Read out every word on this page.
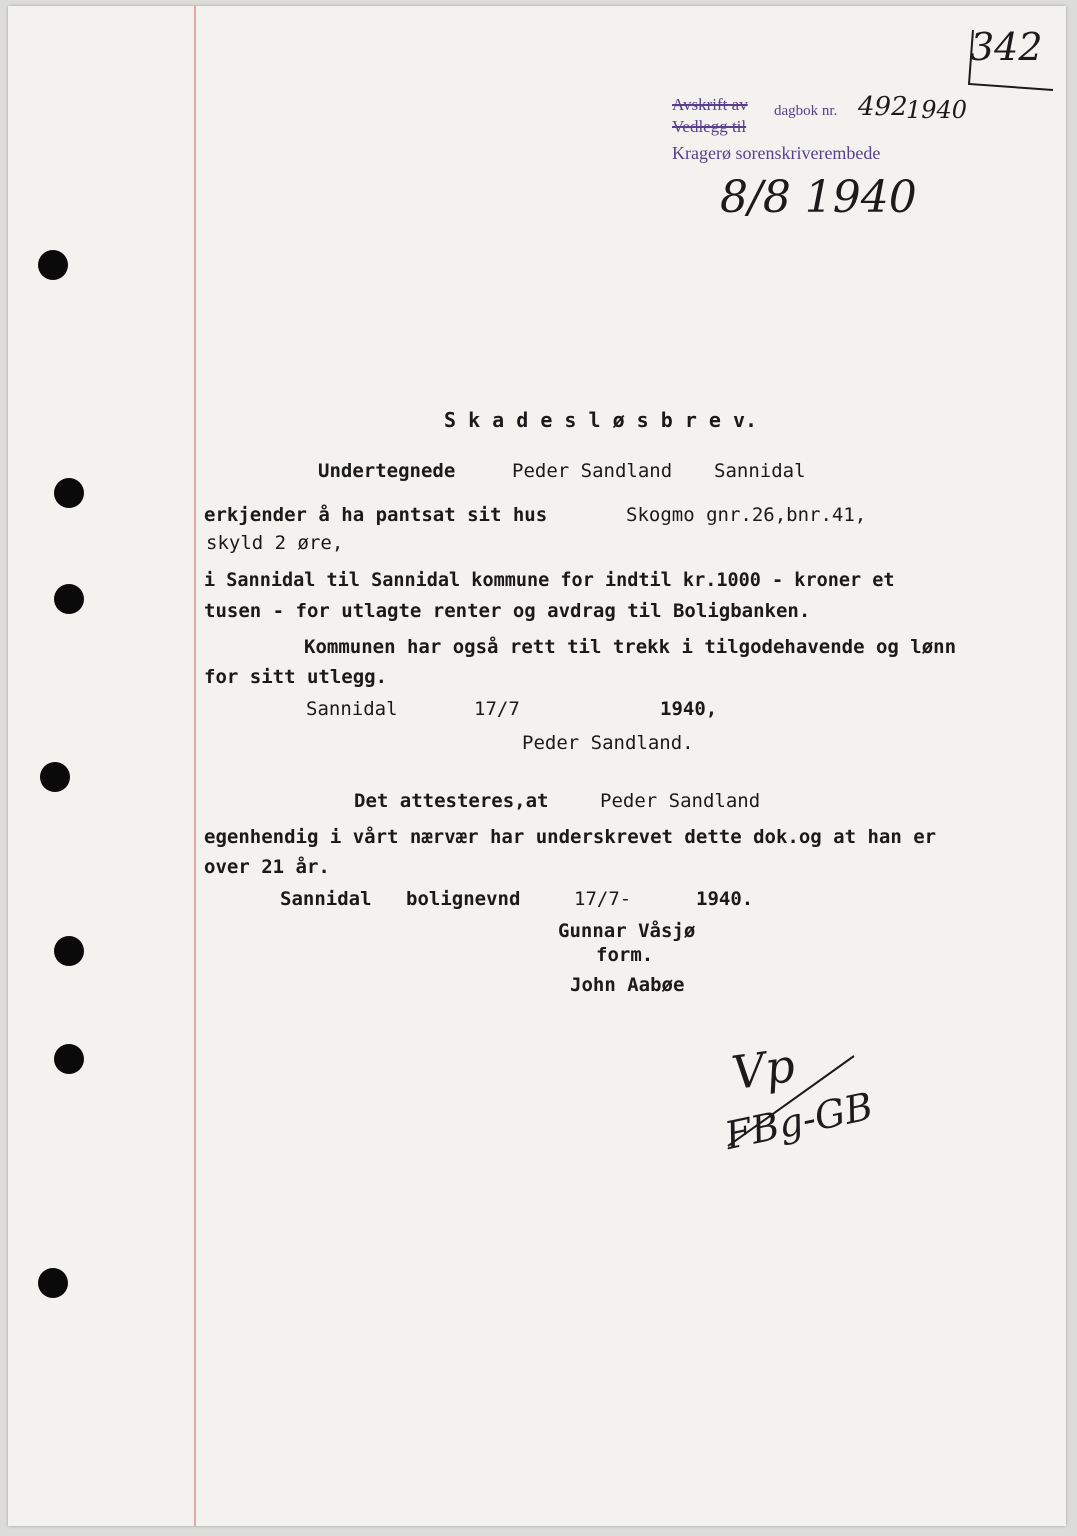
342
Avskrift av dagbok nr. 492
1940
Vedlegg til
Kragerø sorenskriverembede
8/8 1940
S k a d e s l ø s b r e v.
Undertegnede	Peder Sandland Sannidal
erkjender å ha pantsat sit hus	Skogmo gnr.26,bnr.41,
skyld 2 øre,
i Sannidal til Sannidal kommune for indtil kr.1000 - kroner et
tusen - for utlagte renter og avdrag til Boligbanken.
Kommunen har også rett til trekk i tilgodehavende og lønn
for sitt utlegg.
Sannidal	17/7	1940,
Peder Sandland.
Det attesteres,at	Peder Sandland
egenhendig i vårt nærvær har underskrevet dette dok.og at han er
over 21 år.
Sannidal bolignevnd	17/7-	1940.
Gunnar Våsjø
form.
John Aabøe
Vp
FBg-GB
